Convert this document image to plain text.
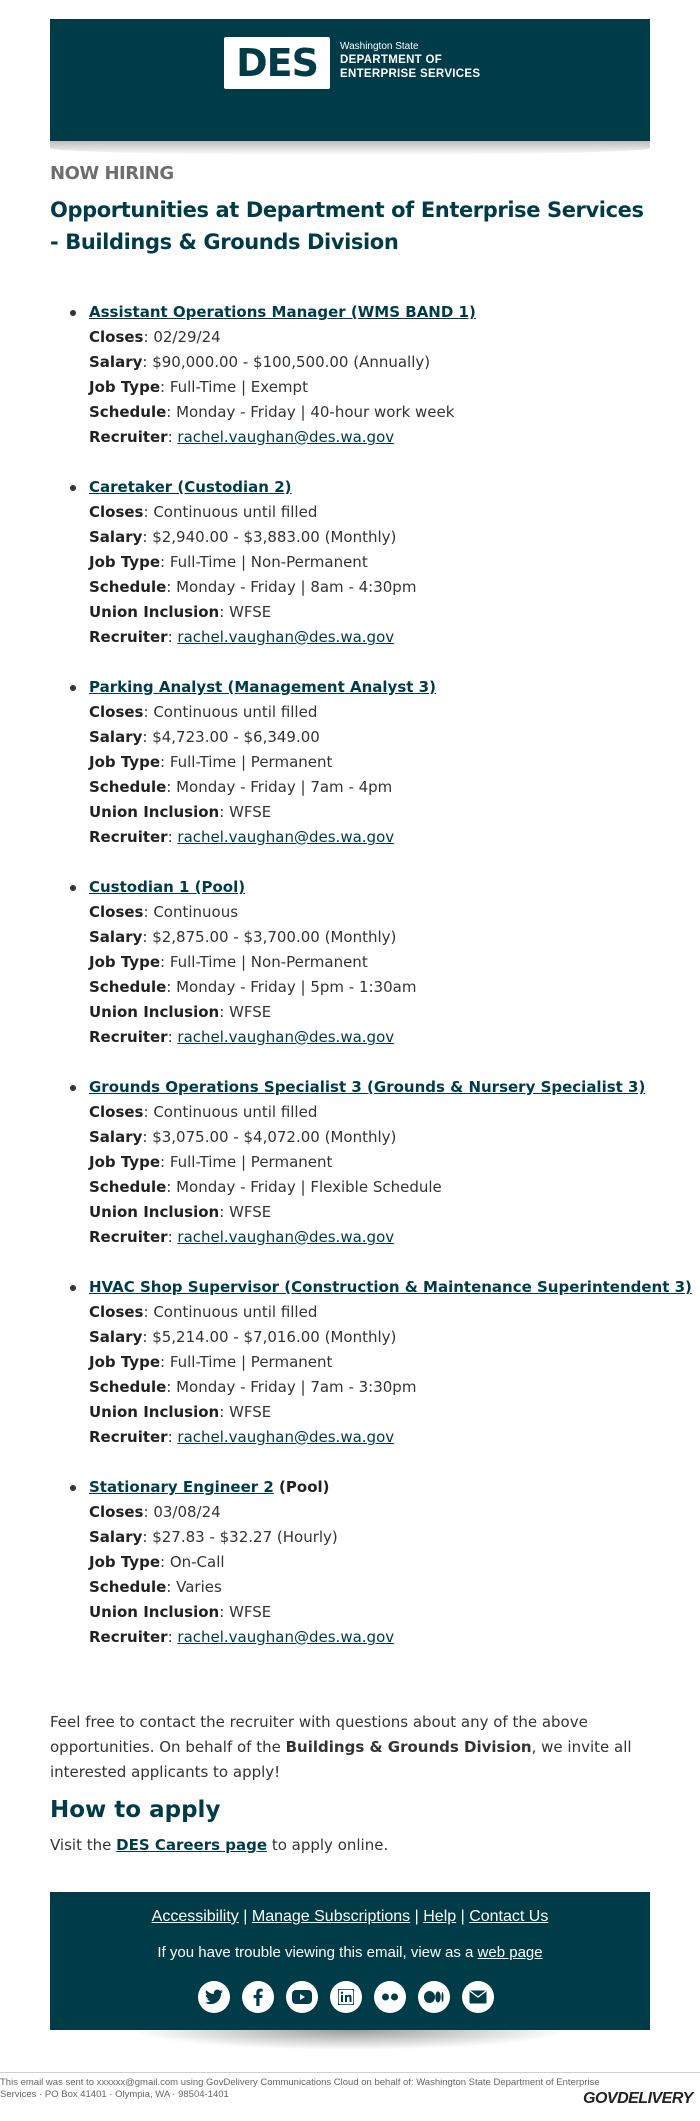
DES Washington State
DEPARTMENT OF
ENTERPRISE SERVICES
NOW HIRING
Opportunities at Department of Enterprise Services - Buildings & Grounds Division
Assistant Operations Manager (WMS BAND 1)
Closes: 02/29/24
Salary: $90,000.00 - $100,500.00 (Annually)
Job Type: Full-Time | Exempt
Schedule: Monday - Friday | 40-hour work week
Recruiter: rachel.vaughan@des.wa.gov
Caretaker (Custodian 2)
Closes: Continuous until filled
Salary: $2,940.00 - $3,883.00 (Monthly)
Job Type: Full-Time | Non-Permanent
Schedule: Monday - Friday | 8am - 4:30pm
Union Inclusion: WFSE
Recruiter: rachel.vaughan@des.wa.gov
Parking Analyst (Management Analyst 3)
Closes: Continuous until filled
Salary: $4,723.00 - $6,349.00
Job Type: Full-Time | Permanent
Schedule: Monday - Friday | 7am - 4pm
Union Inclusion: WFSE
Recruiter: rachel.vaughan@des.wa.gov
Custodian 1 (Pool)
Closes: Continuous
Salary: $2,875.00 - $3,700.00 (Monthly)
Job Type: Full-Time | Non-Permanent
Schedule: Monday - Friday | 5pm - 1:30am
Union Inclusion: WFSE
Recruiter: rachel.vaughan@des.wa.gov
Grounds Operations Specialist 3 (Grounds & Nursery Specialist 3)
Closes: Continuous until filled
Salary: $3,075.00 - $4,072.00 (Monthly)
Job Type: Full-Time | Permanent
Schedule: Monday - Friday | Flexible Schedule
Union Inclusion: WFSE
Recruiter: rachel.vaughan@des.wa.gov
HVAC Shop Supervisor (Construction & Maintenance Superintendent 3)
Closes: Continuous until filled
Salary: $5,214.00 - $7,016.00 (Monthly)
Job Type: Full-Time | Permanent
Schedule: Monday - Friday | 7am - 3:30pm
Union Inclusion: WFSE
Recruiter: rachel.vaughan@des.wa.gov
Stationary Engineer 2 (Pool)
Closes: 03/08/24
Salary: $27.83 - $32.27 (Hourly)
Job Type: On-Call
Schedule: Varies
Union Inclusion: WFSE
Recruiter: rachel.vaughan@des.wa.gov
Feel free to contact the recruiter with questions about any of the above opportunities. On behalf of the Buildings & Grounds Division, we invite all interested applicants to apply!
How to apply
Visit the DES Careers page to apply online.
Accessibility | Manage Subscriptions | Help | Contact Us
If you have trouble viewing this email, view as a web page
This email was sent to xxxxxx@gmail.com using GovDelivery Communications Cloud on behalf of: Washington State Department of Enterprise Services · PO Box 41401 · Olympia, WA · 98504-1401	GOVDELIVERY
